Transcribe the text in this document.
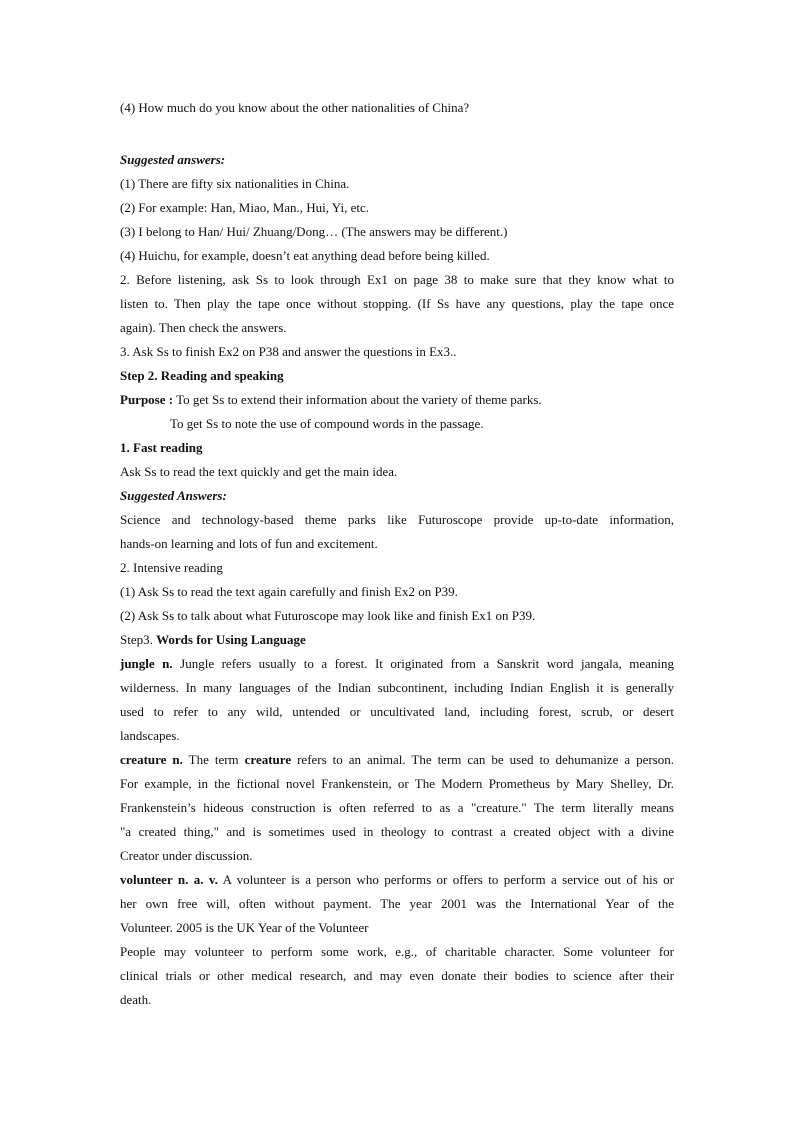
(4) How much do you know about the other nationalities of China?
Suggested answers:
(1) There are fifty six nationalities in China.
(2) For example: Han, Miao, Man., Hui, Yi, etc.
(3) I belong to Han/ Hui/ Zhuang/Dong… (The answers may be different.)
(4) Huichu, for example, doesn’t eat anything dead before being killed.
2. Before listening, ask Ss to look through Ex1 on page 38 to make sure that they know what to
listen to. Then play the tape once without stopping. (If Ss have any questions, play the tape once
again). Then check the answers.
3. Ask Ss to finish Ex2 on P38 and answer the questions in Ex3..
Step 2. Reading and speaking
Purpose : To get Ss to extend their information about the variety of theme parks.
To get Ss to note the use of compound words in the passage.
1. Fast reading
Ask Ss to read the text quickly and get the main idea.
Suggested Answers:
Science and technology-based theme parks like Futuroscope provide up-to-date information,
hands-on learning and lots of fun and excitement.
2. Intensive reading
(1) Ask Ss to read the text again carefully and finish Ex2 on P39.
(2) Ask Ss to talk about what Futuroscope may look like and finish Ex1 on P39.
Step3. Words for Using Language
jungle n. Jungle refers usually to a forest. It originated from a Sanskrit word jangala, meaning
wilderness. In many languages of the Indian subcontinent, including Indian English it is generally
used to refer to any wild, untended or uncultivated land, including forest, scrub, or desert
landscapes.
creature n. The term creature refers to an animal. The term can be used to dehumanize a person.
For example, in the fictional novel Frankenstein, or The Modern Prometheus by Mary Shelley, Dr.
Frankenstein’s hideous construction is often referred to as a "creature." The term literally means
"a created thing," and is sometimes used in theology to contrast a created object with a divine
Creator under discussion.
volunteer n. a. v. A volunteer is a person who performs or offers to perform a service out of his or
her own free will, often without payment. The year 2001 was the International Year of the
Volunteer. 2005 is the UK Year of the Volunteer
People may volunteer to perform some work, e.g., of charitable character. Some volunteer for
clinical trials or other medical research, and may even donate their bodies to science after their
death.
